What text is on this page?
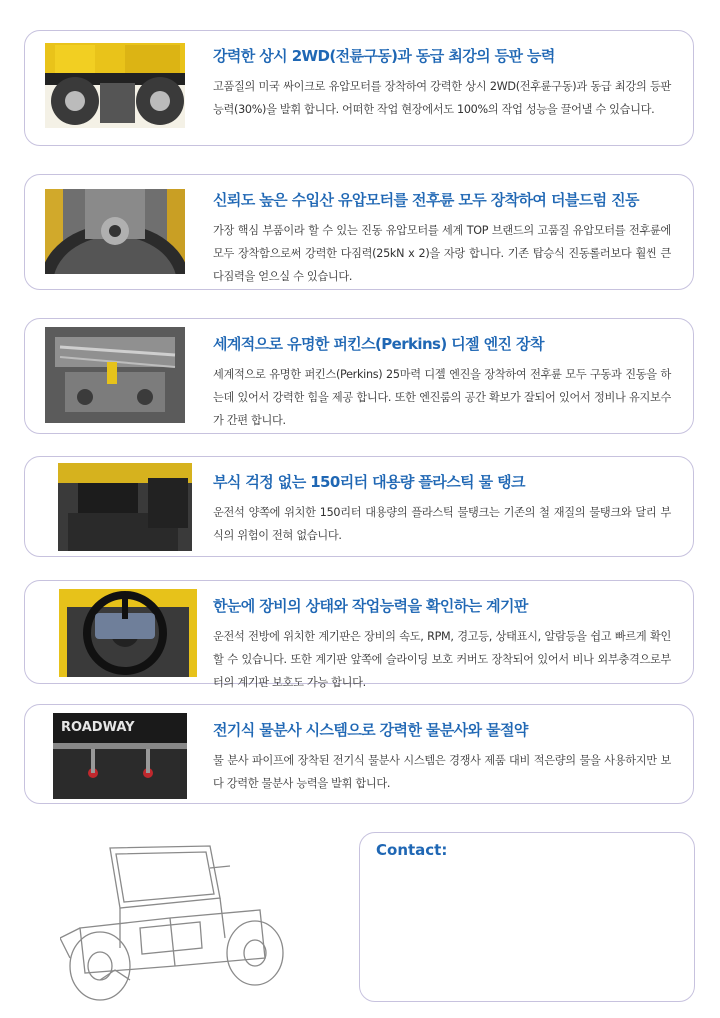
강력한 상시 2WD(전륜구동)과 동급 최강의 등판 능력
고품질의 미국 싸이크로 유압모터를 장착하여 강력한 상시 2WD(전후륜구동)과 동급 최강의 등판 능력(30%)을 발휘 합니다. 어떠한 작업 현장에서도 100%의 작업 성능을 끌어낼 수 있습니다.
신뢰도 높은 수입산 유압모터를 전후륜 모두 장착하여 더블드럼 진동
가장 핵심 부품이라 할 수 있는 진동 유압모터를 세계 TOP 브랜드의 고품질 유압모터를 전후륜에 모두 장착함으로써 강력한 다짐력(25kN x 2)을 자랑 합니다. 기존 탑승식 진동롤러보다 훨씬 큰 다짐력을 얻으실 수 있습니다.
세계적으로 유명한 퍼킨스(Perkins) 디젤 엔진 장착
세계적으로 유명한 퍼킨스(Perkins) 25마력 디젤 엔진을 장착하여 전후륜 모두 구동과 진동을 하는데 있어서 강력한 힘을 제공 합니다. 또한 엔진룸의 공간 확보가 잘되어 있어서 정비나 유지보수가 간편 합니다.
부식 걱정 없는 150리터 대용량 플라스틱 물 탱크
운전석 양쪽에 위치한 150리터 대용량의 플라스틱 물탱크는 기존의 철 재질의 물탱크와 달리 부식의 위험이 전혀 없습니다.
한눈에 장비의 상태와 작업능력을 확인하는 계기판
운전석 전방에 위치한 계기판은 장비의 속도, RPM, 경고등, 상태표시, 알람등을 쉽고 빠르게 확인할 수 있습니다. 또한 계기판 앞쪽에 슬라이딩 보호 커버도 장착되어 있어서 비나 외부충격으로부터의 계기판 보호도 가능 합니다.
ROADWAY	전기식 물분사 시스템으로 강력한 물분사와 물절약
물 분사 파이프에 장착된 전기식 물분사 시스템은 경쟁사 제품 대비 적은량의 물을 사용하지만 보다 강력한 물분사 능력을 발휘 합니다.
Contact:
